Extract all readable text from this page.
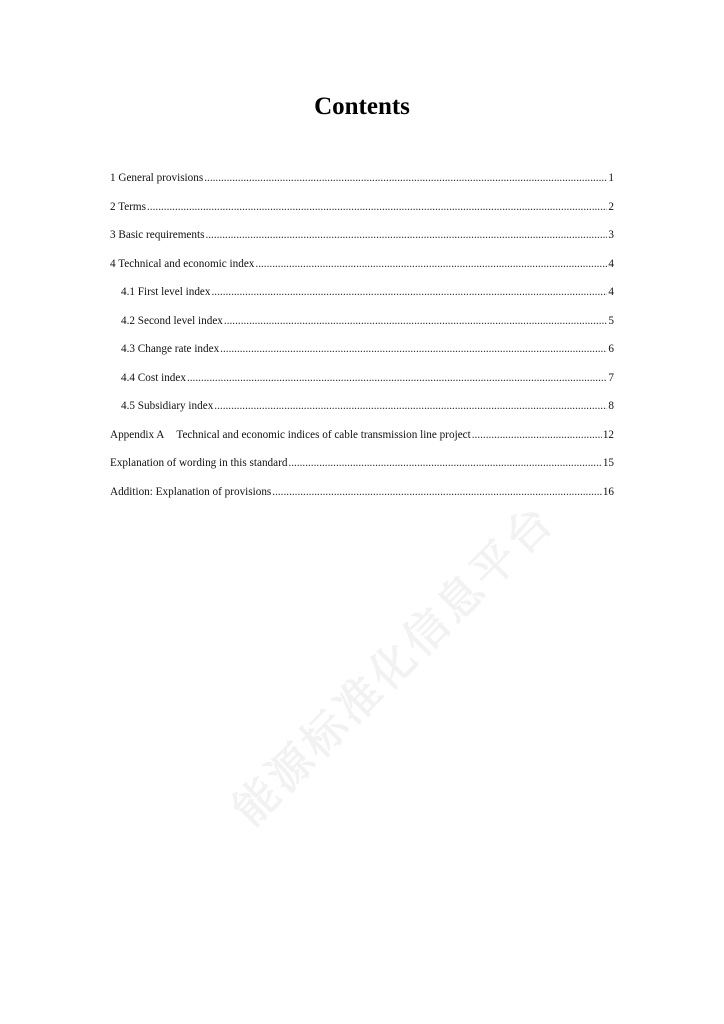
能源标准化信息平台
Contents
1 General provisions .....	1
2 Terms .....	2
3 Basic requirements .....	3
4 Technical and economic index .....	4
4.1 First level index .....	4
4.2 Second level index .....	5
4.3 Change rate index .....	6
4.4 Cost index .....	7
4.5 Subsidiary index .....	8
Appendix A Technical and economic indices of cable transmission line project .....	12
Explanation of wording in this standard .....	15
Addition: Explanation of provisions .....	16
